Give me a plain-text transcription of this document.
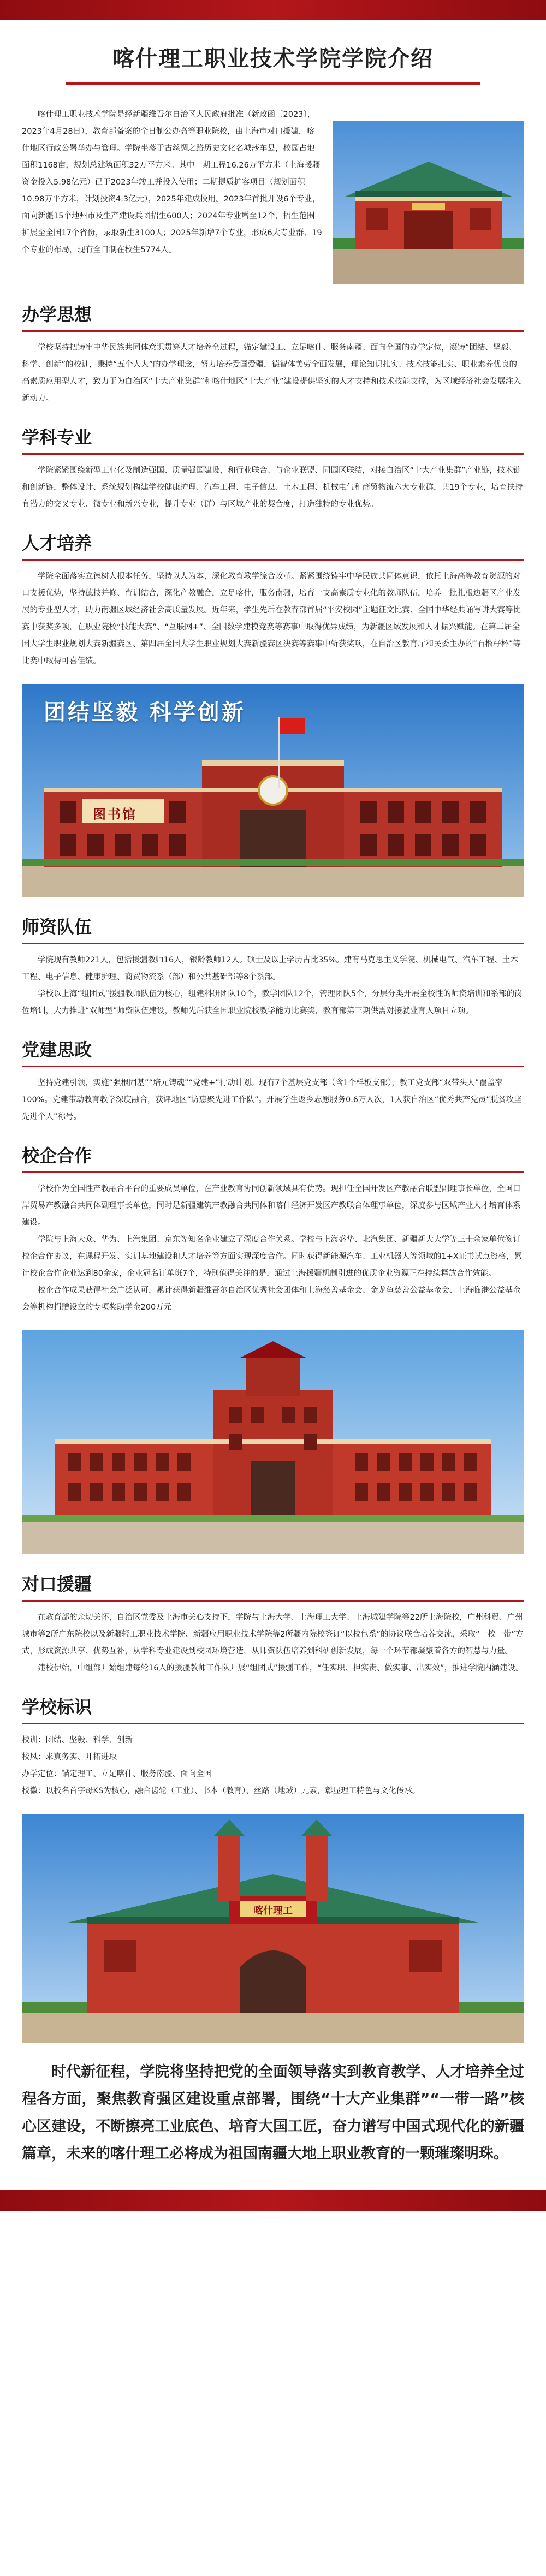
喀什理工职业技术学院学院介绍

喀什理工职业技术学院是经新疆维吾尔自治区人民政府批准（新政函〔2023〕，2023年4月28日），教育部备案的全日制公办高等职业院校，由上海市对口援建，喀什地区行政公署举办与管理。学院坐落于古丝绸之路历史文化名城莎车县，校园占地面积1168亩，规划总建筑面积32万平方米。其中一期工程16.26万平方米（上海援疆资金投入5.98亿元）已于2023年竣工并投入使用；二期提质扩容项目（规划面积10.98万平方米，计划投资4.3亿元），2025年建成投用。2023年首批开设6个专业，面向新疆15个地州市及生产建设兵团招生600人；2024年专业增至12个，招生范围扩展至全国17个省份，录取新生3100人；2025年新增7个专业，形成6大专业群、19个专业的布局，现有全日制在校生5774人。

办学思想

学校坚持把铸牢中华民族共同体意识贯穿人才培养全过程，锚定建设工、立足喀什、服务南疆、面向全国的办学定位，凝铸“团结、坚毅、科学、创新”的校训，秉持“五个人人”的办学理念，努力培养爱国爱疆，德智体美劳全面发展，理论知识扎实、技术技能扎实、职业素养优良的高素质应用型人才，致力于为自治区“十大产业集群”和喀什地区“十大产业”建设提供坚实的人才支持和技术技能支撑，为区域经济社会发展注入新动力。

学科专业

学院紧紧围绕新型工业化及制造强国、质量强国建设，和行业联合、与企业联盟、同园区联结，对接自治区“十大产业集群”产业链，技术链和创新链，整体设计、系统规划构建学校健康护理、汽车工程、电子信息、土木工程、机械电气和商贸物流六大专业群，共19个专业，培育扶持有潜力的交叉专业、微专业和新兴专业，提升专业（群）与区域产业的契合度，打造独特的专业优势。

人才培养

学院全面落实立德树人根本任务，坚持以人为本，深化教育教学综合改革。紧紧围绕铸牢中华民族共同体意识，依托上海高等教育资源的对口支援优势，坚持德技并修、育训结合，深化产教融合，立足喀什，服务南疆，培育一支高素质专业化的教师队伍，培养一批扎根边疆区产业发展的专业型人才，助力南疆区域经济社会高质量发展。近年来，学生先后在教育部首届“平安校园”主题征文比赛、全国中华经典诵写讲大赛等比赛中获奖多项，在职业院校“技能大赛”、“互联网+”、全国数学建模竞赛等赛事中取得优异成绩，为新疆区域发展和人才振兴赋能。在第二届全国大学生职业规划大赛新疆赛区、第四届全国大学生职业规划大赛新疆赛区决赛等赛事中斩获奖项，在自治区教育厅和民委主办的“石榴籽杯”等比赛中取得可喜佳绩。

团结坚毅 科学创新
图书馆
师资队伍

学院现有教师221人，包括援疆教师16人，银龄教师12人。硕士及以上学历占比35%。建有马克思主义学院、机械电气、汽车工程、土木工程、电子信息、健康护理、商贸物流系（部）和公共基础部等8个系部。

学校以上海“组团式”援疆教师队伍为核心，组建科研团队10个，教学团队12个，管理团队5个，分层分类开展全校性的师资培训和系部的岗位培训，大力推进“双师型”师资队伍建设，教师先后获全国职业院校教学能力比赛奖，教育部第三期供需对接就业育人项目立项。

党建思政

坚持党建引领，实施“强根固基”“培元铸魂”“党建+”行动计划。现有7个基层党支部（含1个样板支部），教工党支部“双带头人”覆盖率100%。党建带动教育教学深度融合，获评地区“访惠聚先进工作队”。开展学生返乡志愿服务0.6万人次，1人获自治区“优秀共产党员”脱贫攻坚先进个人”称号。

校企合作

学校作为全国性产教融合平台的重要成员单位，在产业教育协同创新领域具有优势。现担任全国开发区产教融合联盟副理事长单位，全国口岸贸易产教融合共同体副理事长单位，同时是新疆建筑产教融合共同体和喀什经济开发区产教联合体理事单位，深度参与区域产业人才培育体系建设。

学院与上海大众、华为、上汽集团、京东等知名企业建立了深度合作关系。学校与上海盛华、北汽集团、新疆新大大学等三十余家单位签订校企合作协议，在课程开发、实训基地建设和人才培养等方面实现深度合作。同时获得新能源汽车、工业机器人等领域的1+X证书试点资格，累计校企合作企业达到80余家，企业冠名订单班7个，特别值得关注的是，通过上海援疆机制引进的优质企业资源正在持续释放合作效能。

校企合作成果获得社会广泛认可，累计获得新疆维吾尔自治区优秀社会团体和上海慈善基金会、金龙鱼慈善公益基金会、上海临港公益基金会等机构捐赠设立的专项奖助学金200万元

对口援疆

在教育部的亲切关怀，自治区党委及上海市关心支持下，学院与上海大学、上海理工大学、上海城建学院等22所上海院校，广州科贸、广州城市等2所广东院校以及新疆轻工职业技术学院、新疆应用职业技术学院等2所疆内院校签订“以校包系”的协议联合培养交流，采取“一校一带”方式，形成资源共享、优势互补，从学科专业建设到校园环境营造，从师资队伍培养到科研创新发展，每一个环节都凝聚着各方的智慧与力量。

建校伊始，中组部开始组建每轮16人的援疆教师工作队开展“组团式”援疆工作，“任实职、担实责、做实事、出实效”，推进学院内涵建设。

学校标识

校训：团结、坚毅、科学、创新

校风：求真务实、开拓进取

办学定位：锚定理工、立足喀什、服务南疆、面向全国

校徽：以校名首字母KS为核心，融合齿轮（工业）、书本（教育）、丝路（地域）元素，彰显理工特色与文化传承。

喀什理工

时代新征程，学院将坚持把党的全面领导落实到教育教学、人才培养全过程各方面，聚焦教育强区建设重点部署，围绕“十大产业集群”“一带一路”核心区建设，不断擦亮工业底色、培育大国工匠，奋力谱写中国式现代化的新疆篇章，未来的喀什理工必将成为祖国南疆大地上职业教育的一颗璀璨明珠。
